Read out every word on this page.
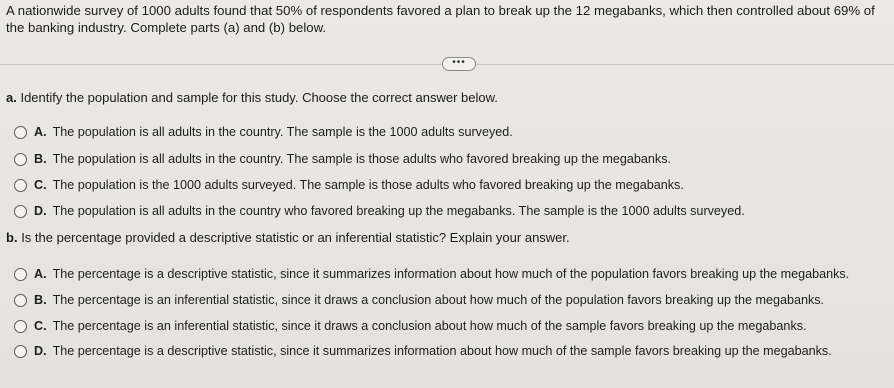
A nationwide survey of 1000 adults found that 50% of respondents favored a plan to break up the 12 megabanks, which then controlled about 69% of the banking industry. Complete parts (a) and (b) below.
•••
a. Identify the population and sample for this study. Choose the correct answer below.
A. The population is all adults in the country. The sample is the 1000 adults surveyed.
B. The population is all adults in the country. The sample is those adults who favored breaking up the megabanks.
C. The population is the 1000 adults surveyed. The sample is those adults who favored breaking up the megabanks.
D. The population is all adults in the country who favored breaking up the megabanks. The sample is the 1000 adults surveyed.
b. Is the percentage provided a descriptive statistic or an inferential statistic? Explain your answer.
A. The percentage is a descriptive statistic, since it summarizes information about how much of the population favors breaking up the megabanks.
B. The percentage is an inferential statistic, since it draws a conclusion about how much of the population favors breaking up the megabanks.
C. The percentage is an inferential statistic, since it draws a conclusion about how much of the sample favors breaking up the megabanks.
D. The percentage is a descriptive statistic, since it summarizes information about how much of the sample favors breaking up the megabanks.
